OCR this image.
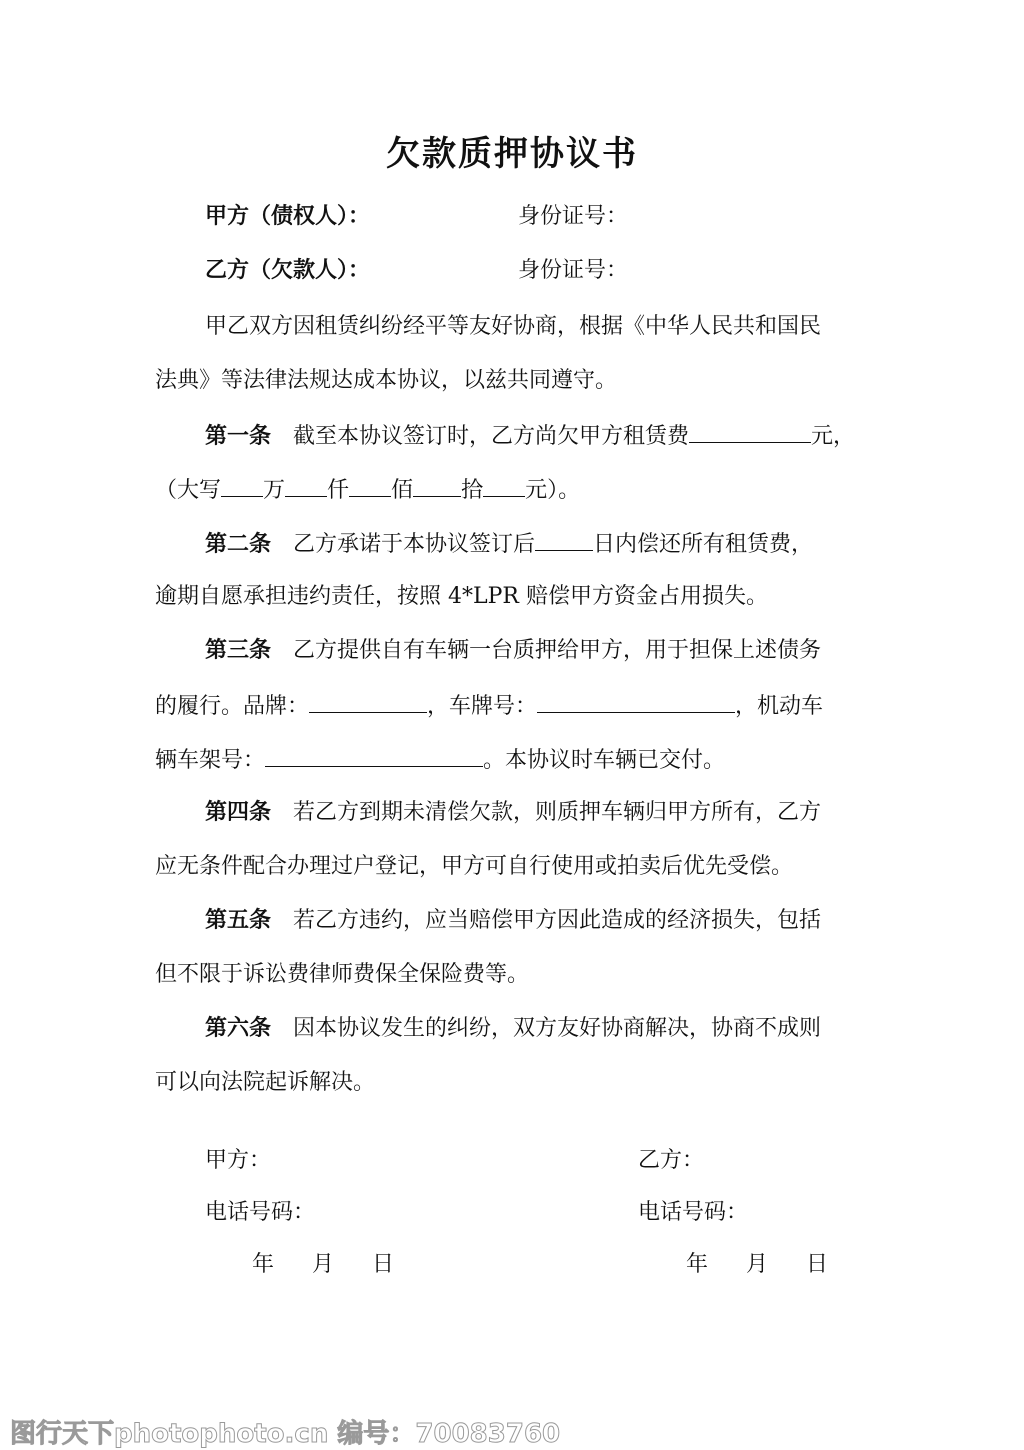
欠款质押协议书
甲方（债权人）：	身份证号：
乙方（欠款人）：	身份证号：
甲乙双方因租赁纠纷经平等友好协商，根据《中华人民共和国民
法典》等法律法规达成本协议，以兹共同遵守。
第一条 截至本协议签订时，乙方尚欠甲方租赁费	元，
（大写 万 仟 佰 拾 元）。
第二条 乙方承诺于本协议签订后	日内偿还所有租赁费，
逾期自愿承担违约责任，按照 4*LPR 赔偿甲方资金占用损失。
第三条 乙方提供自有车辆一台质押给甲方，用于担保上述债务
的履行。品牌：	，车牌号：	，机动车
辆车架号：	。本协议时车辆已交付。
第四条 若乙方到期未清偿欠款，则质押车辆归甲方所有，乙方
应无条件配合办理过户登记，甲方可自行使用或拍卖后优先受偿。
第五条 若乙方违约，应当赔偿甲方因此造成的经济损失，包括
但不限于诉讼费律师费保全保险费等。
第六条 因本协议发生的纠纷，双方友好协商解决，协商不成则
可以向法院起诉解决。
甲方：	乙方：
电话号码：	电话号码：
年 月 日	年 月 日
图行天下photophoto.cn 编号：70083760
